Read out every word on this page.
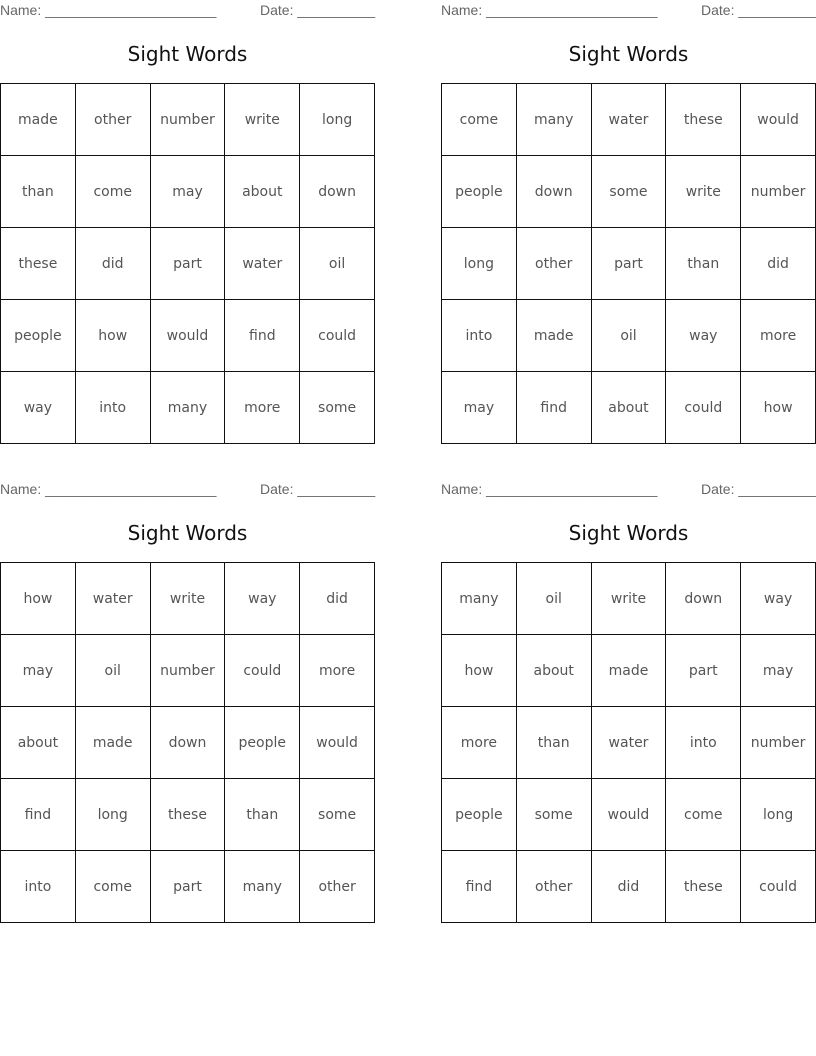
Name: ______________________	Date: __________
Sight Words
made	other	number	write	long
than	come	may	about	down
these	did	part	water	oil
people	how	would	find	could
way	into	many	more	some
Name: ______________________	Date: __________
Sight Words
come	many	water	these	would
people	down	some	write	number
long	other	part	than	did
into	made	oil	way	more
may	find	about	could	how
Name: ______________________	Date: __________
Sight Words
how	water	write	way	did
may	oil	number	could	more
about	made	down	people	would
find	long	these	than	some
into	come	part	many	other
Name: ______________________	Date: __________
Sight Words
many	oil	write	down	way
how	about	made	part	may
more	than	water	into	number
people	some	would	come	long
find	other	did	these	could
